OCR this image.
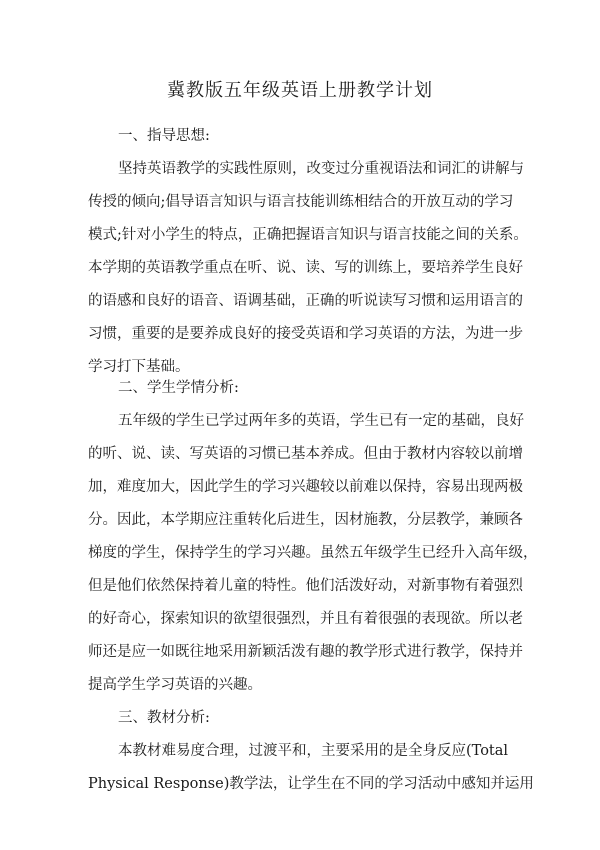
冀教版五年级英语上册教学计划
一、指导思想:
坚持英语教学的实践性原则，改变过分重视语法和词汇的讲解与
传授的倾向;倡导语言知识与语言技能训练相结合的开放互动的学习
模式;针对小学生的特点，正确把握语言知识与语言技能之间的关系。
本学期的英语教学重点在听、说、读、写的训练上，要培养学生良好
的语感和良好的语音、语调基础，正确的听说读写习惯和运用语言的
习惯，重要的是要养成良好的接受英语和学习英语的方法，为进一步
学习打下基础。
二、学生学情分析:
五年级的学生已学过两年多的英语，学生已有一定的基础，良好
的听、说、读、写英语的习惯已基本养成。但由于教材内容较以前增
加，难度加大，因此学生的学习兴趣较以前难以保持，容易出现两极
分。因此，本学期应注重转化后进生，因材施教，分层教学，兼顾各
梯度的学生，保持学生的学习兴趣。虽然五年级学生已经升入高年级，
但是他们依然保持着儿童的特性。他们活泼好动，对新事物有着强烈
的好奇心，探索知识的欲望很强烈，并且有着很强的表现欲。所以老
师还是应一如既往地采用新颖活泼有趣的教学形式进行教学，保持并
提高学生学习英语的兴趣。
三、教材分析:
本教材难易度合理，过渡平和，主要采用的是全身反应(Total
Physical Response)教学法，让学生在不同的学习活动中感知并运用
